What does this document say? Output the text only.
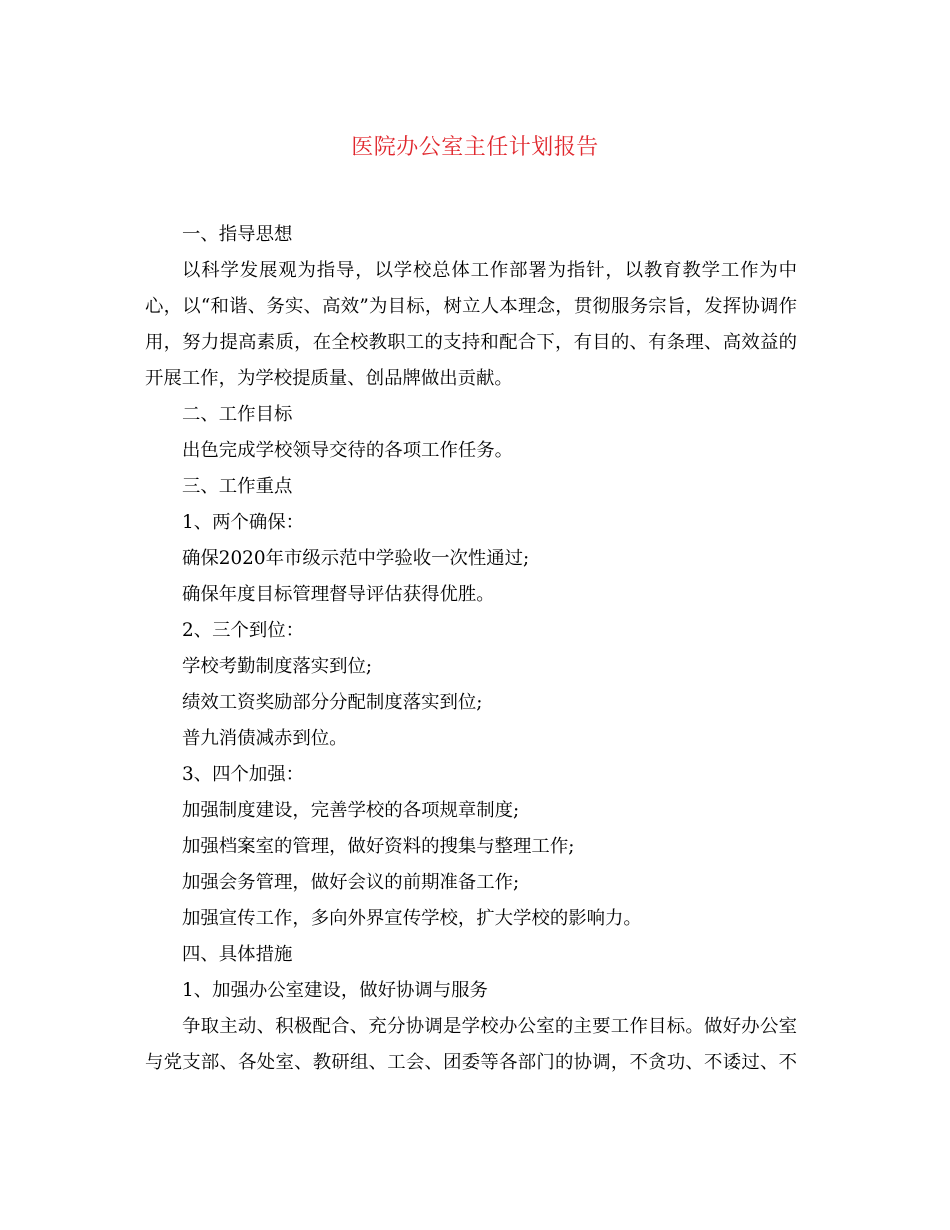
医院办公室主任计划报告
一、指导思想
以科学发展观为指导，以学校总体工作部署为指针，以教育教学工作为中
心，以“和谐、务实、高效”为目标，树立人本理念，贯彻服务宗旨，发挥协调作
用，努力提高素质，在全校教职工的支持和配合下，有目的、有条理、高效益的
开展工作，为学校提质量、创品牌做出贡献。
二、工作目标
出色完成学校领导交待的各项工作任务。
三、工作重点
1、两个确保：
确保2020年市级示范中学验收一次性通过;
确保年度目标管理督导评估获得优胜。
2、三个到位：
学校考勤制度落实到位;
绩效工资奖励部分分配制度落实到位;
普九消债减赤到位。
3、四个加强：
加强制度建设，完善学校的各项规章制度;
加强档案室的管理，做好资料的搜集与整理工作;
加强会务管理，做好会议的前期准备工作;
加强宣传工作，多向外界宣传学校，扩大学校的影响力。
四、具体措施
1、加强办公室建设，做好协调与服务
争取主动、积极配合、充分协调是学校办公室的主要工作目标。做好办公室
与党支部、各处室、教研组、工会、团委等各部门的协调，不贪功、不诿过、不
